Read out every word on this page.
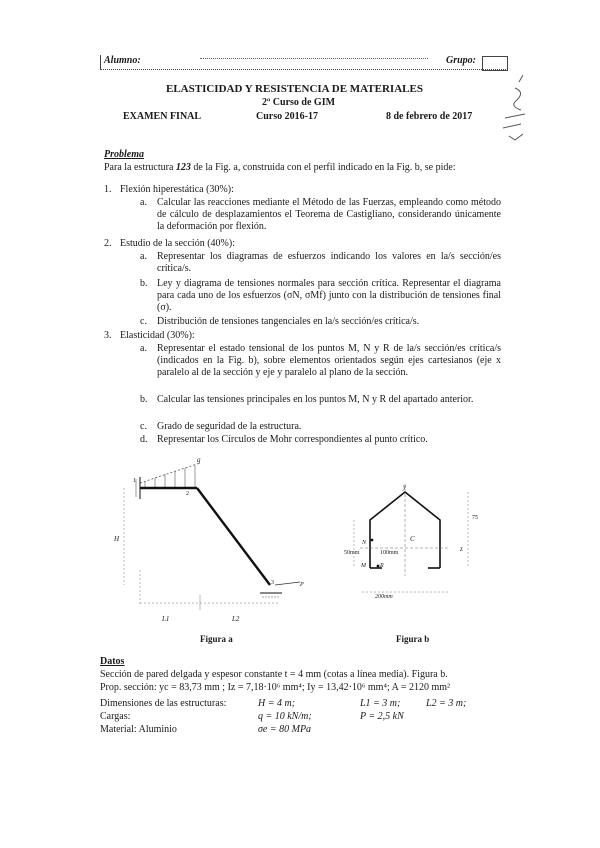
Alumno:	Grupo:
ELASTICIDAD Y RESISTENCIA DE MATERIALES
2º Curso de GIM
EXAMEN FINAL	Curso 2016-17	8 de febrero de 2017
Problema
Para la estructura 123 de la Fig. a, construida con el perfil indicado en la Fig. b, se pide:
1. Flexión hiperestática (30%):
a. Calcular las reacciones mediante el Método de las Fuerzas, empleando como método de cálculo de desplazamientos el Teorema de Castigliano, considerando únicamente la deformación por flexión.
2. Estudio de la sección (40%):
a. Representar los diagramas de esfuerzos indicando los valores en la/s sección/es crítica/s.
b. Ley y diagrama de tensiones normales para sección crítica. Representar el diagrama para cada uno de los esfuerzos (σN, σMf) junto con la distribución de tensiones final (σ).
c. Distribución de tensiones tangenciales en la/s sección/es crítica/s.
3. Elasticidad (30%):
a. Representar el estado tensional de los puntos M, N y R de la/s sección/es crítica/s (indicados en la Fig. b), sobre elementos orientados según ejes cartesianos (eje x paralelo al de la sección y eje y paralelo al plano de la sección.
b. Calcular las tensiones principales en los puntos M, N y R del apartado anterior.
c. Grado de seguridad de la estructura.
d. Representar los Círculos de Mohr correspondientes al punto crítico.
H
q
1
2
3	P
L1	L2
Figura a
y
C
100mm	z
75
50mm
M
N
R
200mm
Figura b
Datos
Sección de pared delgada y espesor constante t = 4 mm (cotas a línea media). Figura b.
Prop. sección: yc = 83,73 mm ; Iz = 7,18·10⁶ mm⁴; Iy = 13,42·10⁶ mm⁴; A = 2120 mm²
Dimensiones de las estructuras:	H = 4 m;	L1 = 3 m;	L2 = 3 m;
Cargas:	q = 10 kN/m;	P = 2,5 kN
Material: Aluminio	σe = 80 MPa
